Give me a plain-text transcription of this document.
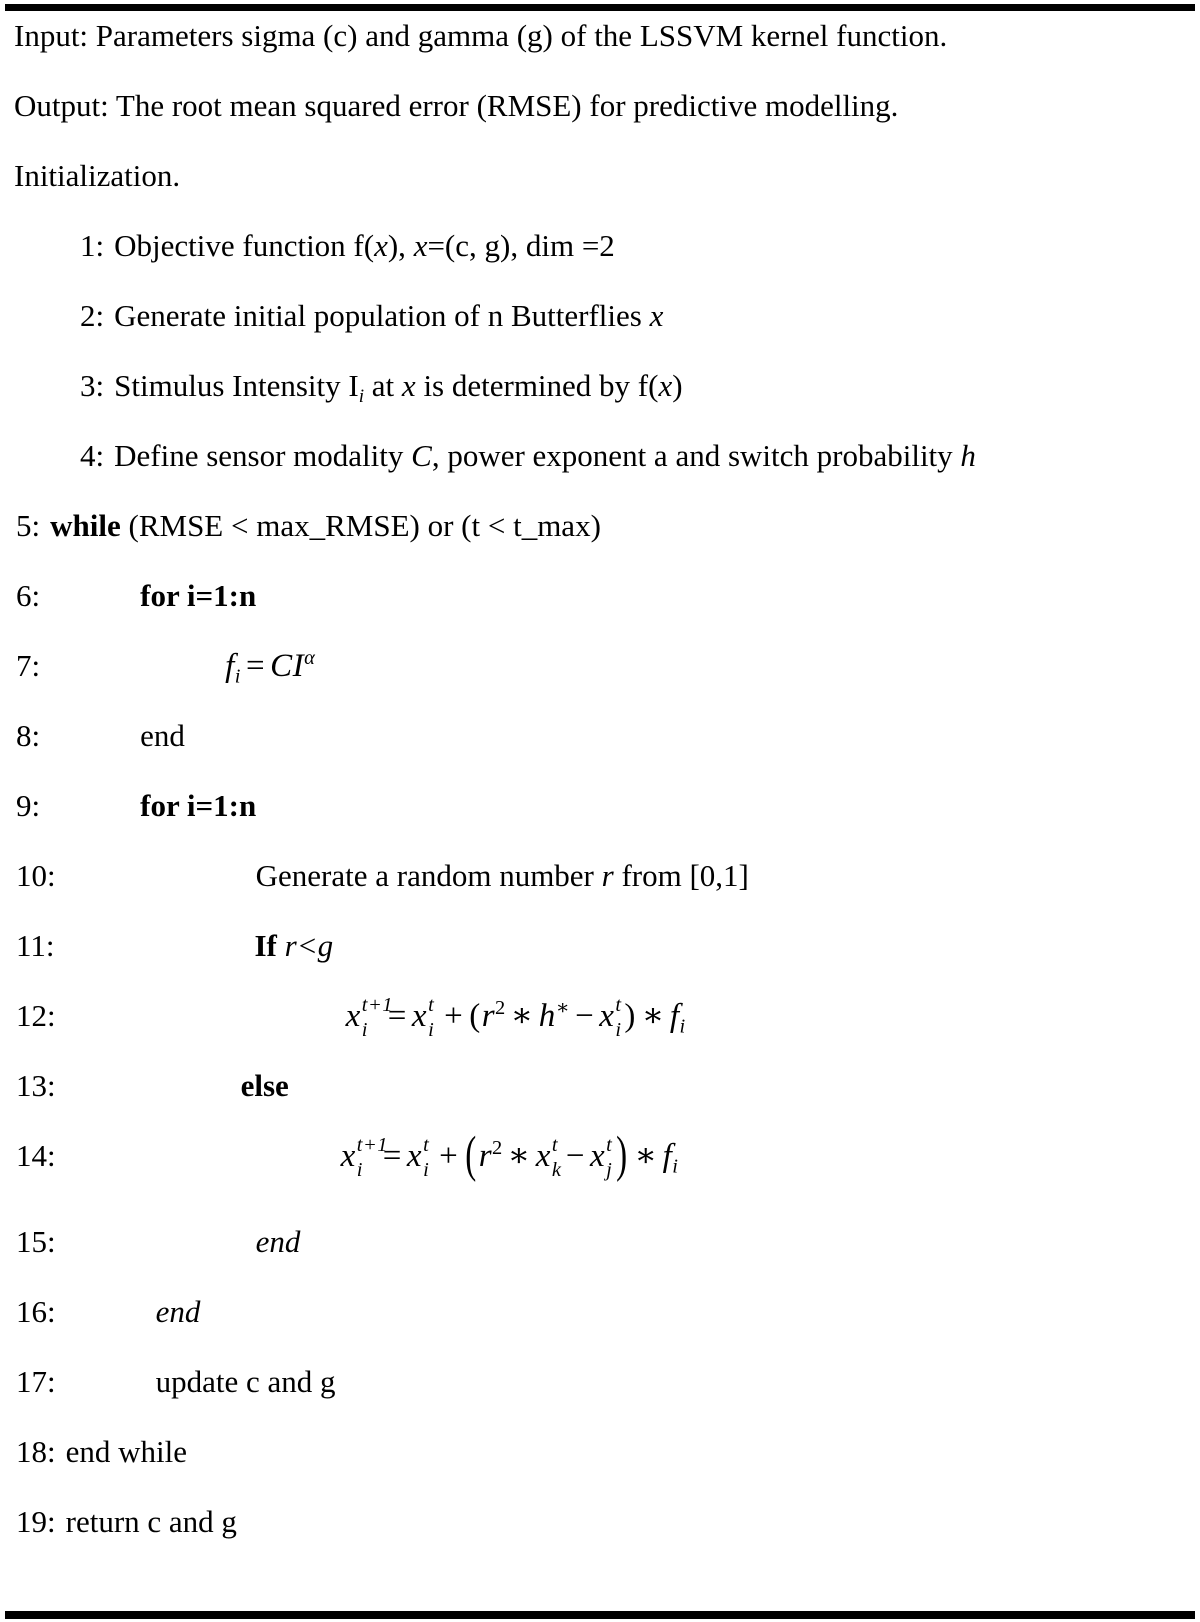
Input: Parameters sigma (c) and gamma (g) of the LSSVM kernel function.
Output: The root mean squared error (RMSE) for predictive modelling.
Initialization.
1: Objective function f(x), x=(c, g), dim =2
2: Generate initial population of n Butterflies x
3: Stimulus Intensity $I_i$ at x is determined by f(x)
4: Define sensor modality C, power exponent a and switch probability h
5: while (RMSE < max_RMSE) or (t < t_max)
6:	for i=1:n
7:	$f_i = CI^\alpha$
8:	end
9:	for i=1:n
10:	Generate a random number r from [0,1]
11:	If r<g
12:	x t+1
i = x t
$i + (r^2$ ∗ h∗ − x t
i ) ∗ $f_i$
13:	else
14:	x t+1
i = x t
$i + (r^2$ ∗ x t
k − x t
j ) ∗ $f_i$
15:	end
16:	end
17:	update c and g
18: end while
19: return c and g
